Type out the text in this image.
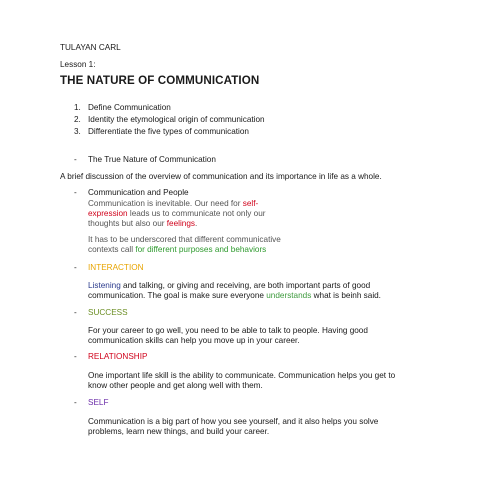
TULAYAN CARL
Lesson 1:
THE NATURE OF COMMUNICATION
1. Define Communication
2. Identity the etymological origin of communication
3. Differentiate the five types of communication
- The True Nature of Communication
A brief discussion of the overview of communication and its importance in life as a whole.
- Communication and People
Communication is inevitable. Our need for self-
expression leads us to communicate not only our
thoughts but also our feelings.
It has to be underscored that different communicative
contexts call for different purposes and behaviors
- INTERACTION
Listening and talking, or giving and receiving, are both important parts of good
communication. The goal is make sure everyone understands what is beinh said.
- SUCCESS
For your career to go well, you need to be able to talk to people. Having good
communication skills can help you move up in your career.
- RELATIONSHIP
One important life skill is the ability to communicate. Communication helps you get to
know other people and get along well with them.
- SELF
Communication is a big part of how you see yourself, and it also helps you solve
problems, learn new things, and build your career.
